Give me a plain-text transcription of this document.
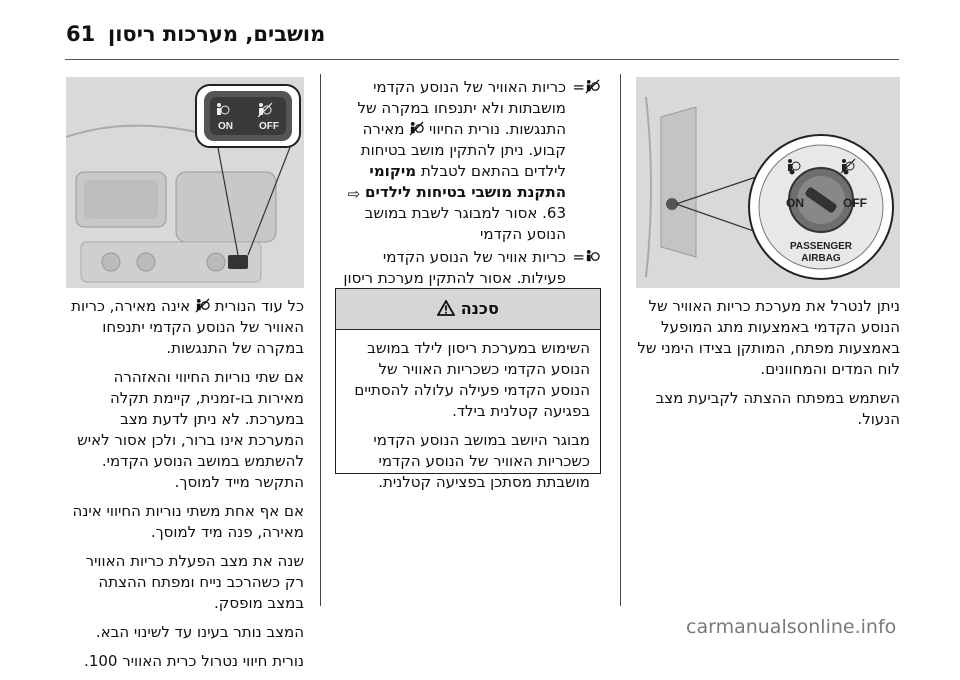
61 מושבים, מערכות ריסון
ON	OFF
PASSENGER
AIRBAG

ניתן לנטרל את מערכת כריות האוויר של הנוסע הקדמי באמצעות מתג המופעל באמצעות מפתח, המותקן בצידו הימני של לוח המדים והמחוונים.

השתמש במפתח ההצתה לקביעת מצב הנעול.

=
כריות האוויר של הנוסע הקדמי מושבתות ולא יתנפחו במקרה של התנגשות. נורית החיווי  מאירה קבוע. ניתן להתקין מושב בטיחות לילדים בהתאם לטבלת מיקומי התקנת מושבי בטיחות לילדים ⇨ 63. אסור למבוגר לשבת במושב הנוסע הקדמי
=
כריות אוויר של הנוסע הקדמי פעילות. אסור להתקין מערכת ריסון
סכנה

השימוש במערכת ריסון לילד במושב הנוסע הקדמי כשכריות האוויר של הנוסע הקדמי פעילה עלולה להסתיים בפגיעה קטלנית בילד.

מבוגר היושב במושב הנוסע הקדמי כשכריות האוויר של הנוסע הקדמי מושבתת מסתכן בפציעה קטלנית.

ON	OFF

כל עוד הנורית  אינה מאירה, כריות האוויר של הנוסע הקדמי יתנפחו במקרה של התנגשות.

אם שתי נוריות החיווי והאזהרה מאירות בו-זמנית, קיימת תקלה במערכת. לא ניתן לדעת מצב המערכת אינו ברור, ולכן אסור לאיש להשתמש במושב הנוסע הקדמי. התקשר מייד למוסך.

אם אף אחת משתי נוריות החיווי אינה מאירה, פנה מיד למוסך.

שנה את מצב הפעלת כריות האוויר רק כשהרכב נייח ומפתח ההצתה במצב מופסק.

המצב נותר בעינו עד לשינוי הבא.

נורית חיווי נטרול כרית האוויר 100.

carmanualsonline.info
